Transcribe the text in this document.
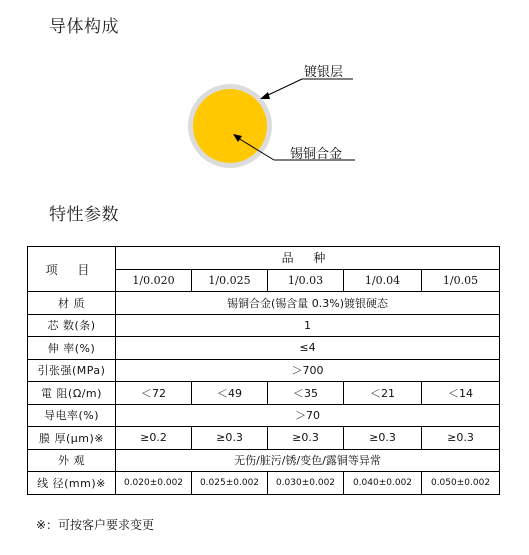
导体构成
镀银层
锡铜合金
特性参数
项 目	品 种				
	1/0.020	1/0.025	1/0.03	1/0.04	1/0.05
材 质	锡铜合金(锡含量 0.3%)镀银硬态				
芯 数(条)	1				
伸 率(%)	≤4				
引张强(MPa)	＞700				
電 阻(Ω/m)	＜72	＜49	＜35	＜21	＜14
导电率(%)	＞70				
膜 厚(μm)※	≥0.2	≥0.3	≥0.3	≥0.3	≥0.3
外 观	无伤/脏污/锈/变色/露铜等异常				
线 径(mm)※	0.020±0.002	0.025±0.002	0.030±0.002	0.040±0.002	0.050±0.002
※：可按客户要求变更
